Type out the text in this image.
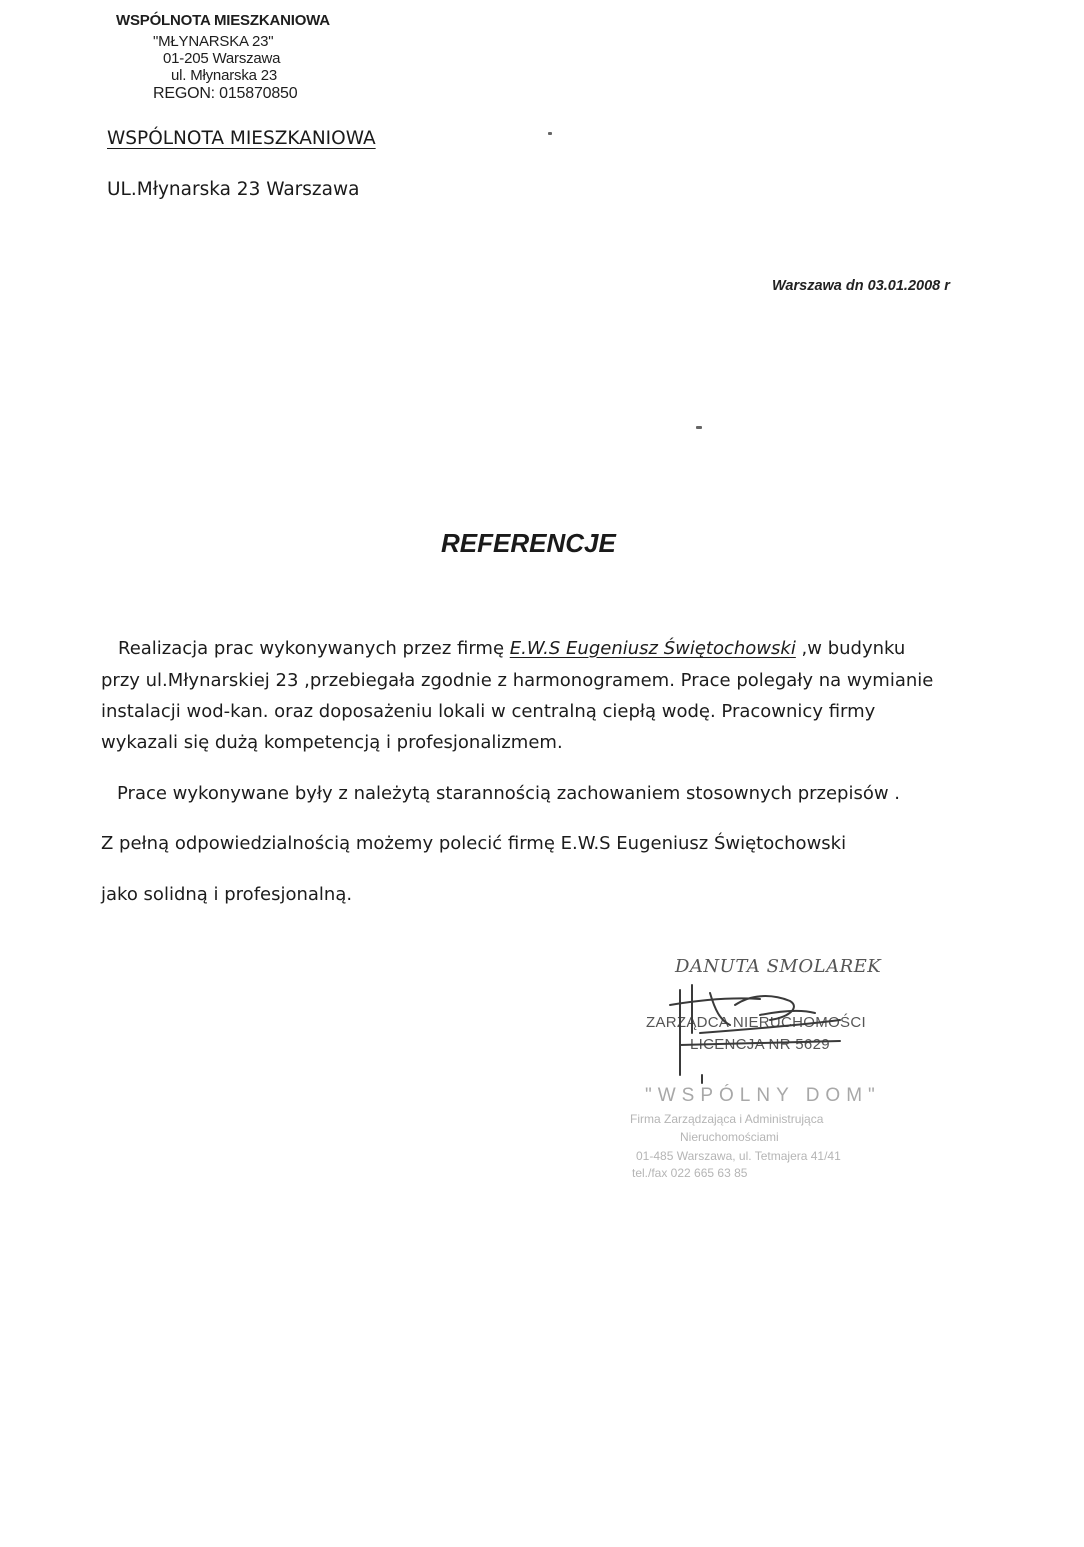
WSPÓLNOTA MIESZKANIOWA
"MŁYNARSKA 23"
01-205 Warszawa
ul. Młynarska 23
REGON: 015870850
WSPÓLNOTA MIESZKANIOWA
UL.Młynarska 23 Warszawa
Warszawa dn 03.01.2008 r
REFERENCJE
Realizacja prac wykonywanych przez firmę E.W.S Eugeniusz Świętochowski ,w budynku
przy ul.Młynarskiej 23 ,przebiegała zgodnie z harmonogramem. Prace polegały na wymianie
instalacji wod-kan. oraz doposażeniu lokali w centralną ciepłą wodę. Pracownicy firmy
wykazali się dużą kompetencją i profesjonalizmem.
Prace wykonywane były z należytą starannością zachowaniem stosownych przepisów .
Z pełną odpowiedzialnością możemy polecić firmę E.W.S Eugeniusz Świętochowski
jako solidną i profesjonalną.
DANUTA SMOLAREK
ZARZĄDCA NIERUCHOMOŚCI
LICENCJA NR 5629
"WSPÓLNY DOM"
Firma Zarządzająca i Administrująca
Nieruchomościami
01-485 Warszawa, ul. Tetmajera 41/41
tel./fax 022 665 63 85
